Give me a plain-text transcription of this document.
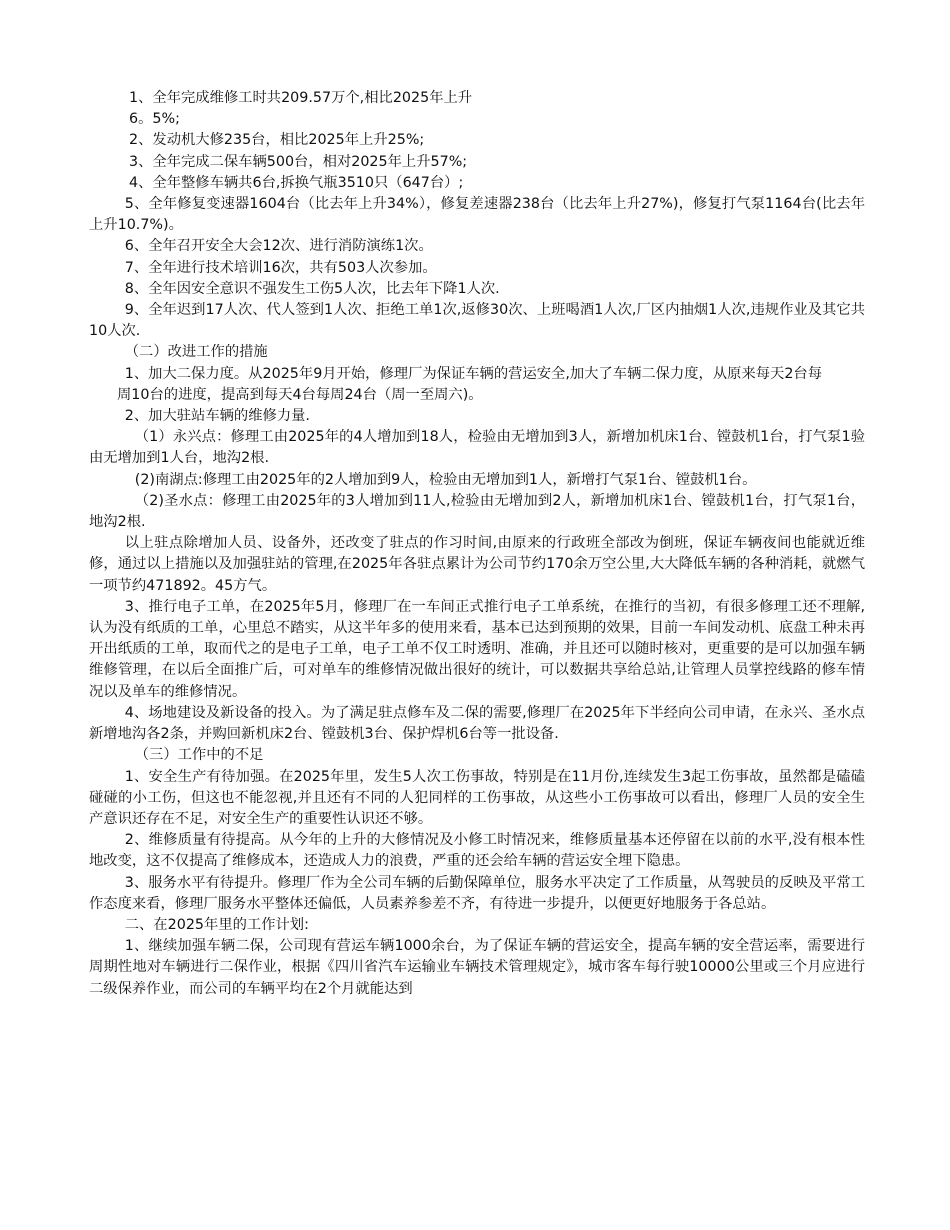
1、全年完成维修工时共209.57万个,相比2025年上升

6。5%;

2、发动机大修235台，相比2025年上升25%;

3、全年完成二保车辆500台，相对2025年上升57%;

4、全年整修车辆共6台,拆换气瓶3510只（647台）;

5、全年修复变速器1604台（比去年上升34%），修复差速器238台（比去年上升27%)，修复打气泵1164台(比去年上升10.7%)。

6、全年召开安全大会12次、进行消防演练1次。

7、全年进行技术培训16次，共有503人次参加。

8、全年因安全意识不强发生工伤5人次，比去年下降1人次.

9、全年迟到17人次、代人签到1人次、拒绝工单1次,返修30次、上班喝酒1人次,厂区内抽烟1人次,违规作业及其它共10人次.

（二）改进工作的措施

1、加大二保力度。从2025年9月开始，修理厂为保证车辆的营运安全,加大了车辆二保力度，从原来每天2台每

周10台的进度，提高到每天4台每周24台（周一至周六)。

2、加大驻站车辆的维修力量.

（1）永兴点：修理工由2025年的4人增加到18人，检验由无增加到3人，新增加机床1台、镗鼓机1台，打气泵1验由无增加到1人台，地沟2根.

(2)南湖点:修理工由2025年的2人增加到9人，检验由无增加到1人，新增打气泵1台、镗鼓机1台。

（2)圣水点：修理工由2025年的3人增加到11人,检验由无增加到2人，新增加机床1台、镗鼓机1台，打气泵1台，地沟2根.

以上驻点除增加人员、设备外，还改变了驻点的作习时间,由原来的行政班全部改为倒班，保证车辆夜间也能就近维修，通过以上措施以及加强驻站的管理,在2025年各驻点累计为公司节约170余万空公里,大大降低车辆的各种消耗，就燃气一项节约471892。45方气。

3、推行电子工单，在2025年5月，修理厂在一车间正式推行电子工单系统，在推行的当初，有很多修理工还不理解,认为没有纸质的工单，心里总不踏实，从这半年多的使用来看，基本已达到预期的效果，目前一车间发动机、底盘工种未再开出纸质的工单，取而代之的是电子工单，电子工单不仅工时透明、准确，并且还可以随时核对，更重要的是可以加强车辆维修管理，在以后全面推广后，可对单车的维修情况做出很好的统计，可以数据共享给总站,让管理人员掌控线路的修车情况以及单车的维修情况。

4、场地建设及新设备的投入。为了满足驻点修车及二保的需要,修理厂在2025年下半经向公司申请，在永兴、圣水点新增地沟各2条，并购回新机床2台、镗鼓机3台、保护焊机6台等一批设备.

（三）工作中的不足

1、安全生产有待加强。在2025年里，发生5人次工伤事故，特别是在11月份,连续发生3起工伤事故，虽然都是磕磕碰碰的小工伤，但这也不能忽视,并且还有不同的人犯同样的工伤事故，从这些小工伤事故可以看出，修理厂人员的安全生产意识还存在不足，对安全生产的重要性认识还不够。

2、维修质量有待提高。从今年的上升的大修情况及小修工时情况来，维修质量基本还停留在以前的水平,没有根本性地改变，这不仅提高了维修成本，还造成人力的浪费，严重的还会给车辆的营运安全埋下隐患。

3、服务水平有待提升。修理厂作为全公司车辆的后勤保障单位，服务水平决定了工作质量，从驾驶员的反映及平常工作态度来看，修理厂服务水平整体还偏低，人员素养参差不齐，有待进一步提升，以便更好地服务于各总站。

二、在2025年里的工作计划:

1、继续加强车辆二保，公司现有营运车辆1000余台，为了保证车辆的营运安全，提高车辆的安全营运率，需要进行周期性地对车辆进行二保作业，根据《四川省汽车运输业车辆技术管理规定》，城市客车每行驶10000公里或三个月应进行二级保养作业，而公司的车辆平均在2个月就能达到
